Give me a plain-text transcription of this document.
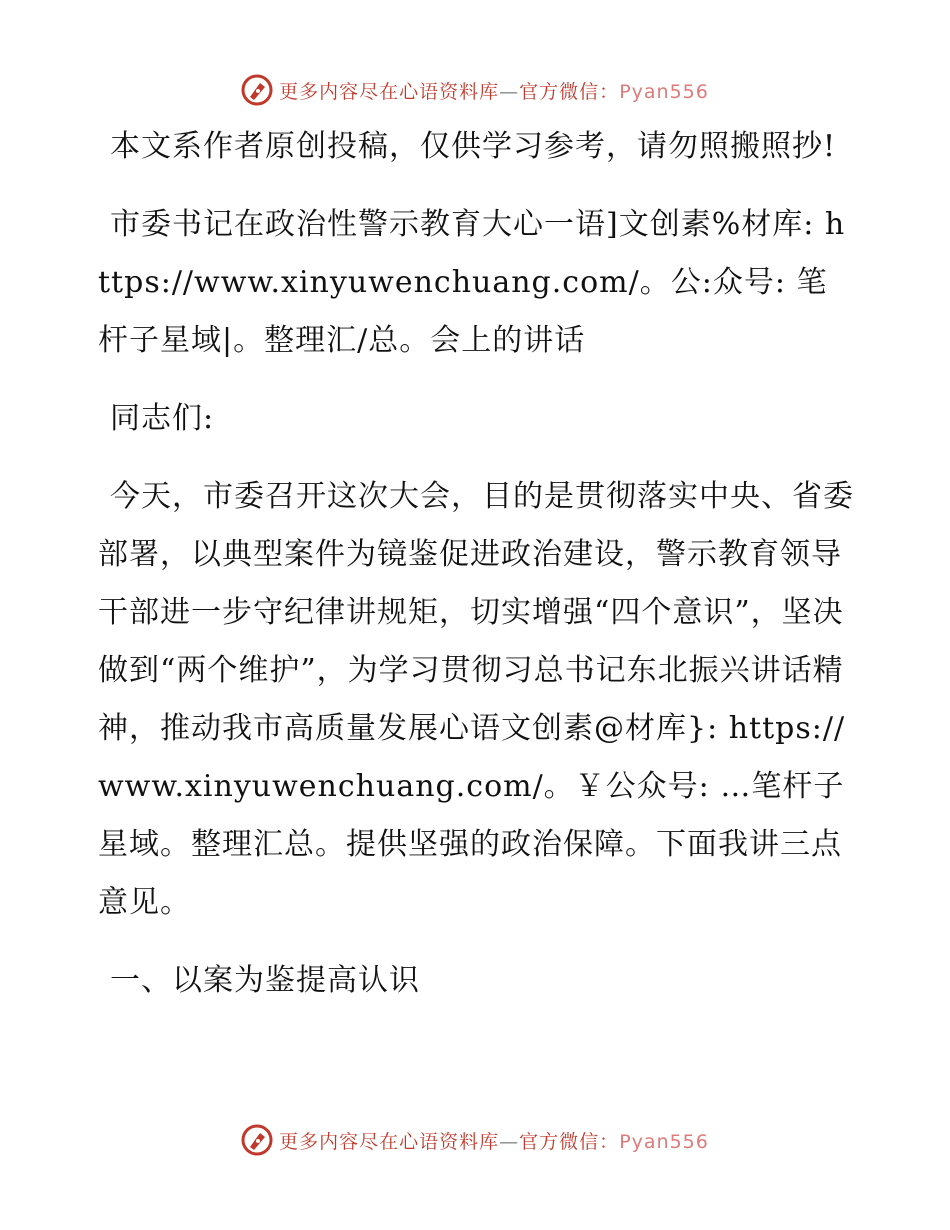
更多内容尽在心语资料库—官方微信：Pyan556

本文系作者原创投稿，仅供学习参考，请勿照搬照抄!

市委书记在政治性警示教育大心一语]文创素%材库: https://www.xinyuwenchuang.com/。公:众号: 笔杆子星域|。整理汇/总。会上的讲话

同志们:

今天，市委召开这次大会，目的是贯彻落实中央、省委部署，以典型案件为镜鉴促进政治建设，警示教育领导干部进一步守纪律讲规矩，切实增强“四个意识”，坚决做到“两个维护”，为学习贯彻习总书记东北振兴讲话精神，推动我市高质量发展心语文创素@材库}: https://www.xinyuwenchuang.com/。￥公众号: …笔杆子星域。整理汇总。提供坚强的政治保障。下面我讲三点意见。

一、以案为鉴提高认识

更多内容尽在心语资料库—官方微信：Pyan556
